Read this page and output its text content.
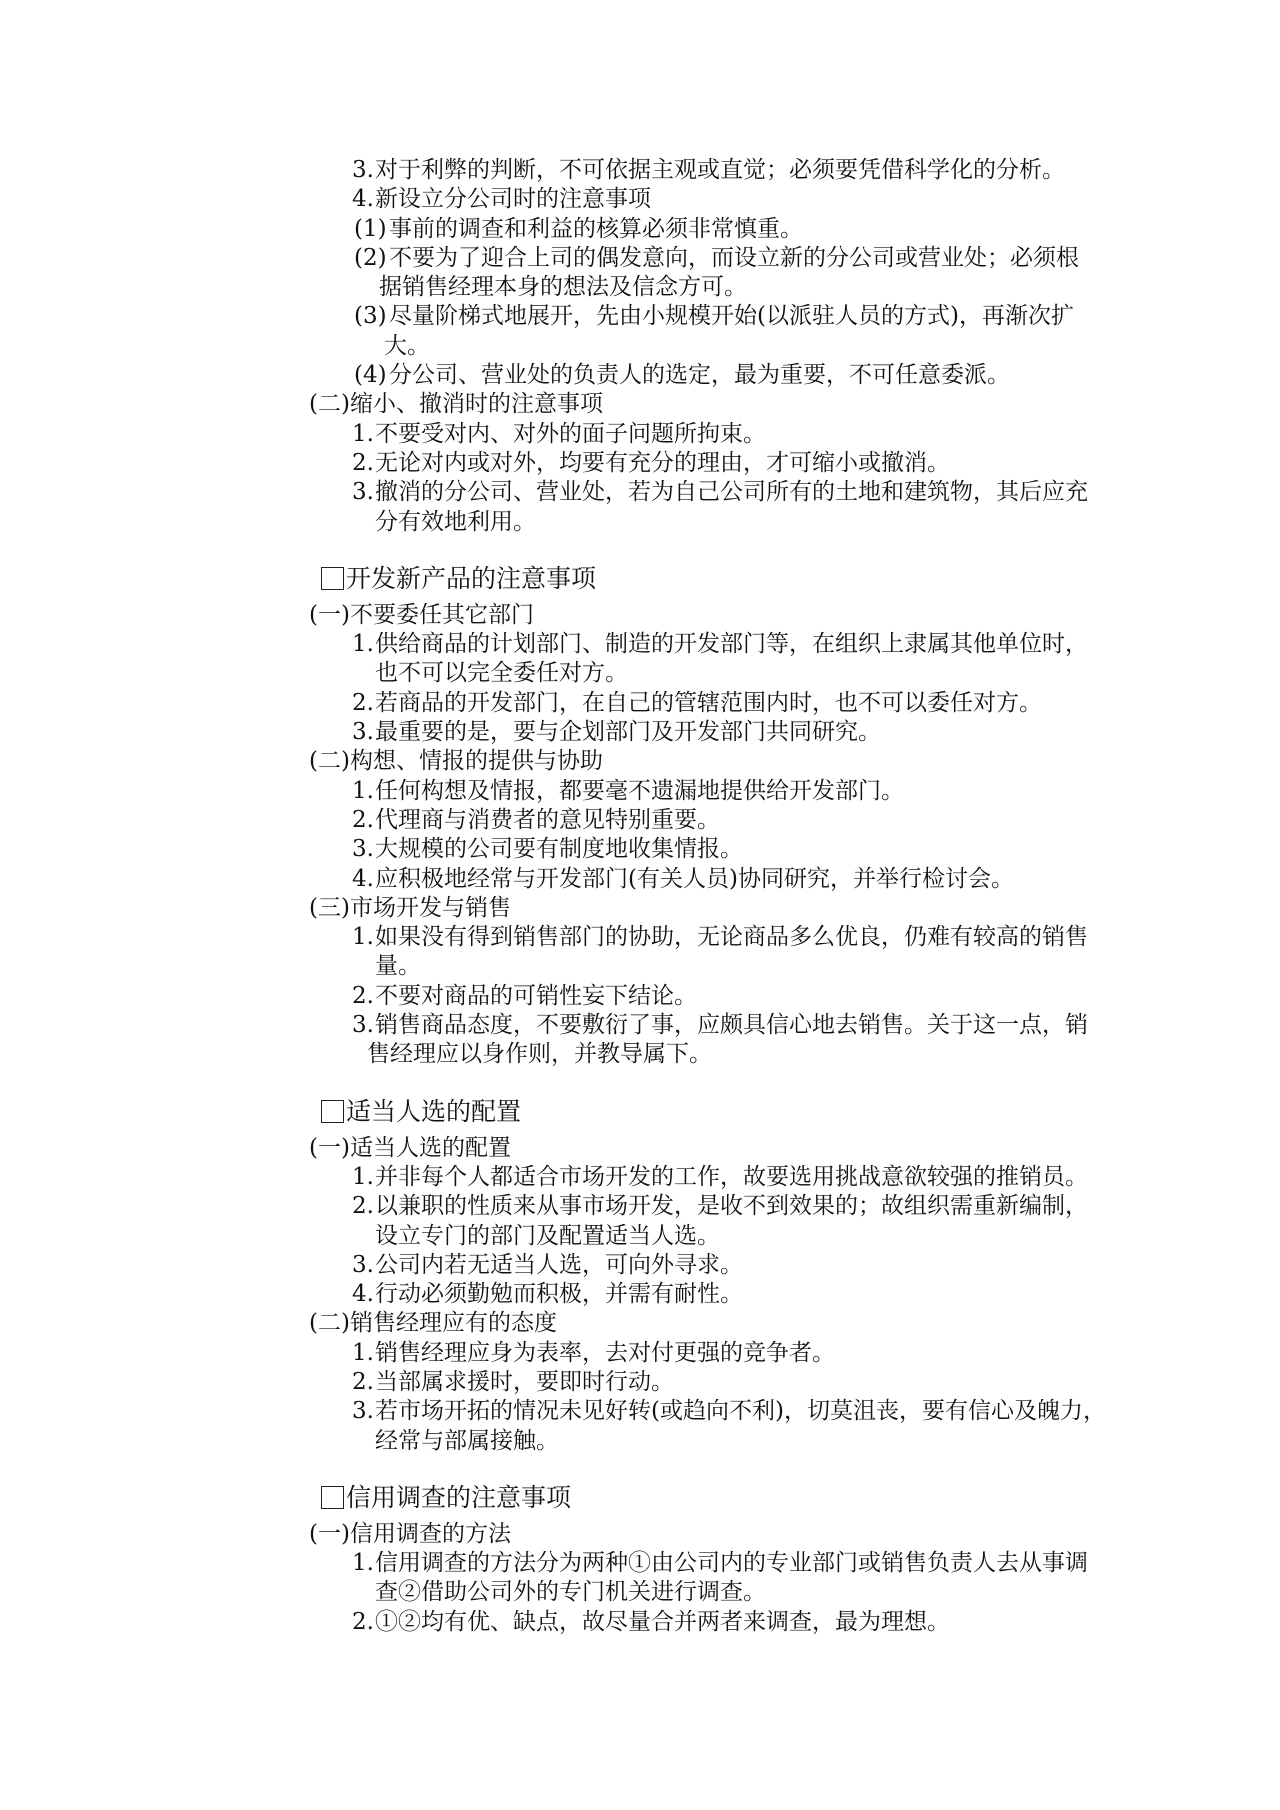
3.对于利弊的判断，不可依据主观或直觉；必须要凭借科学化的分析。
4.新设立分公司时的注意事项
(1) 事前的调查和利益的核算必须非常慎重。
(2) 不要为了迎合上司的偶发意向，而设立新的分公司或营业处；必须根
据销售经理本身的想法及信念方可。
(3) 尽量阶梯式地展开，先由小规模开始(以派驻人员的方式)，再渐次扩
大。
(4) 分公司、营业处的负责人的选定，最为重要，不可任意委派。
(二)缩小、撤消时的注意事项
1.不要受对内、对外的面子问题所拘束。
2.无论对内或对外，均要有充分的理由，才可缩小或撤消。
3.撤消的分公司、营业处，若为自己公司所有的土地和建筑物，其后应充
分有效地利用。
开发新产品的注意事项
(一)不要委任其它部门
1.供给商品的计划部门、制造的开发部门等，在组织上隶属其他单位时，
也不可以完全委任对方。
2.若商品的开发部门，在自己的管辖范围内时，也不可以委任对方。
3.最重要的是，要与企划部门及开发部门共同研究。
(二)构想、情报的提供与协助
1.任何构想及情报，都要毫不遗漏地提供给开发部门。
2.代理商与消费者的意见特别重要。
3.大规模的公司要有制度地收集情报。
4.应积极地经常与开发部门(有关人员)协同研究，并举行检讨会。
(三)市场开发与销售
1.如果没有得到销售部门的协助，无论商品多么优良，仍难有较高的销售
量。
2.不要对商品的可销性妄下结论。
3.销售商品态度，不要敷衍了事，应颇具信心地去销售。关于这一点，销
售经理应以身作则，并教导属下。
适当人选的配置
(一)适当人选的配置
1.并非每个人都适合市场开发的工作，故要选用挑战意欲较强的推销员。
2.以兼职的性质来从事市场开发，是收不到效果的；故组织需重新编制，
设立专门的部门及配置适当人选。
3.公司内若无适当人选，可向外寻求。
4.行动必须勤勉而积极，并需有耐性。
(二)销售经理应有的态度
1.销售经理应身为表率，去对付更强的竞争者。
2.当部属求援时，要即时行动。
3.若市场开拓的情况未见好转(或趋向不利)，切莫沮丧，要有信心及魄力，
经常与部属接触。
信用调查的注意事项
(一)信用调查的方法
1.信用调查的方法分为两种①由公司内的专业部门或销售负责人去从事调
查②借助公司外的专门机关进行调查。
2.①②均有优、缺点，故尽量合并两者来调查，最为理想。
